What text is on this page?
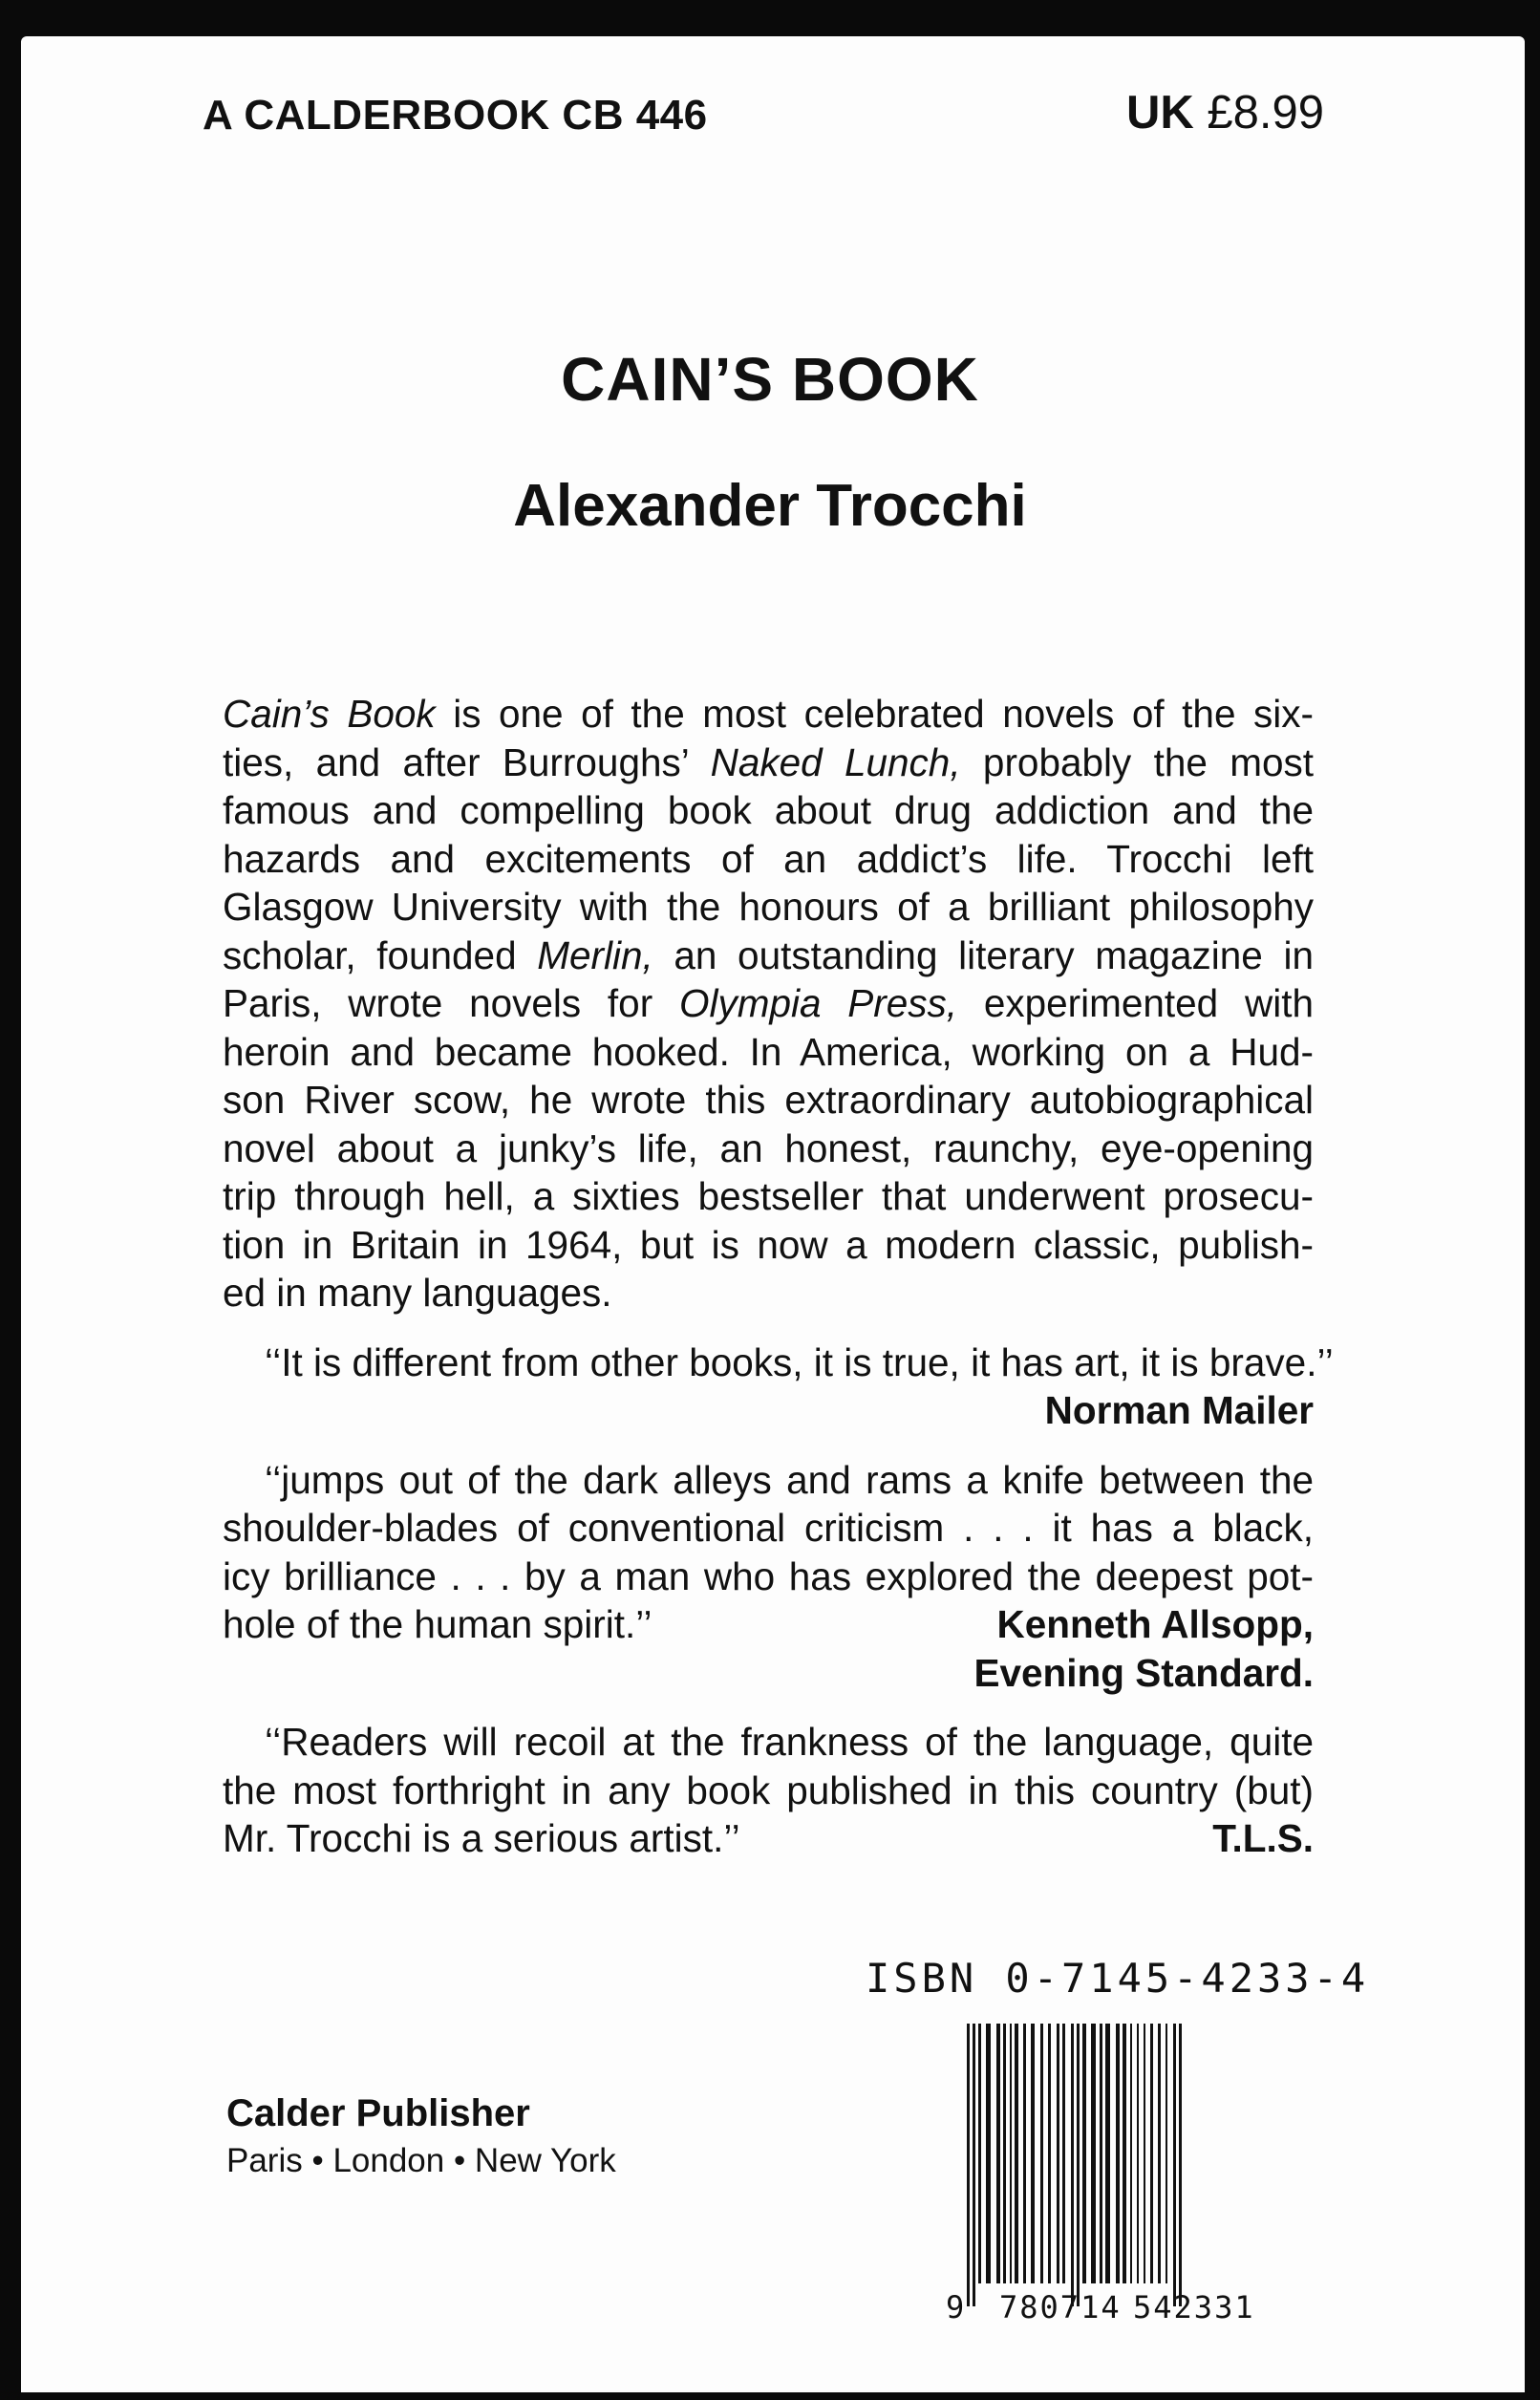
A CALDERBOOK CB 446	UK £8.99
CAIN’S BOOK
Alexander Trocchi
Cain’s Book is one of the most celebrated novels of the six-
ties, and after Burroughs’ Naked Lunch, probably the most
famous and compelling book about drug addiction and the
hazards and excitements of an addict’s life. Trocchi left
Glasgow University with the honours of a brilliant philosophy
scholar, founded Merlin, an outstanding literary magazine in
Paris, wrote novels for Olympia Press, experimented with
heroin and became hooked. In America, working on a Hud-
son River scow, he wrote this extraordinary autobiographical
novel about a junky’s life, an honest, raunchy, eye-opening
trip through hell, a sixties bestseller that underwent prosecu-
tion in Britain in 1964, but is now a modern classic, publish-
ed in many languages.
‘‘It is different from other books, it is true, it has art, it is brave.’’
Norman Mailer
‘‘jumps out of the dark alleys and rams a knife between the
shoulder-blades of conventional criticism . . . it has a black,
icy brilliance . . . by a man who has explored the deepest pot-
hole of the human spirit.’’	Kenneth Allsopp,
Evening Standard.
‘‘Readers will recoil at the frankness of the language, quite
the most forthright in any book published in this country (but)
Mr. Trocchi is a serious artist.’’	T.L.S.
ISBN 0-7145-4233-4
9 780714 542331
Calder Publisher
Paris • London • New York
